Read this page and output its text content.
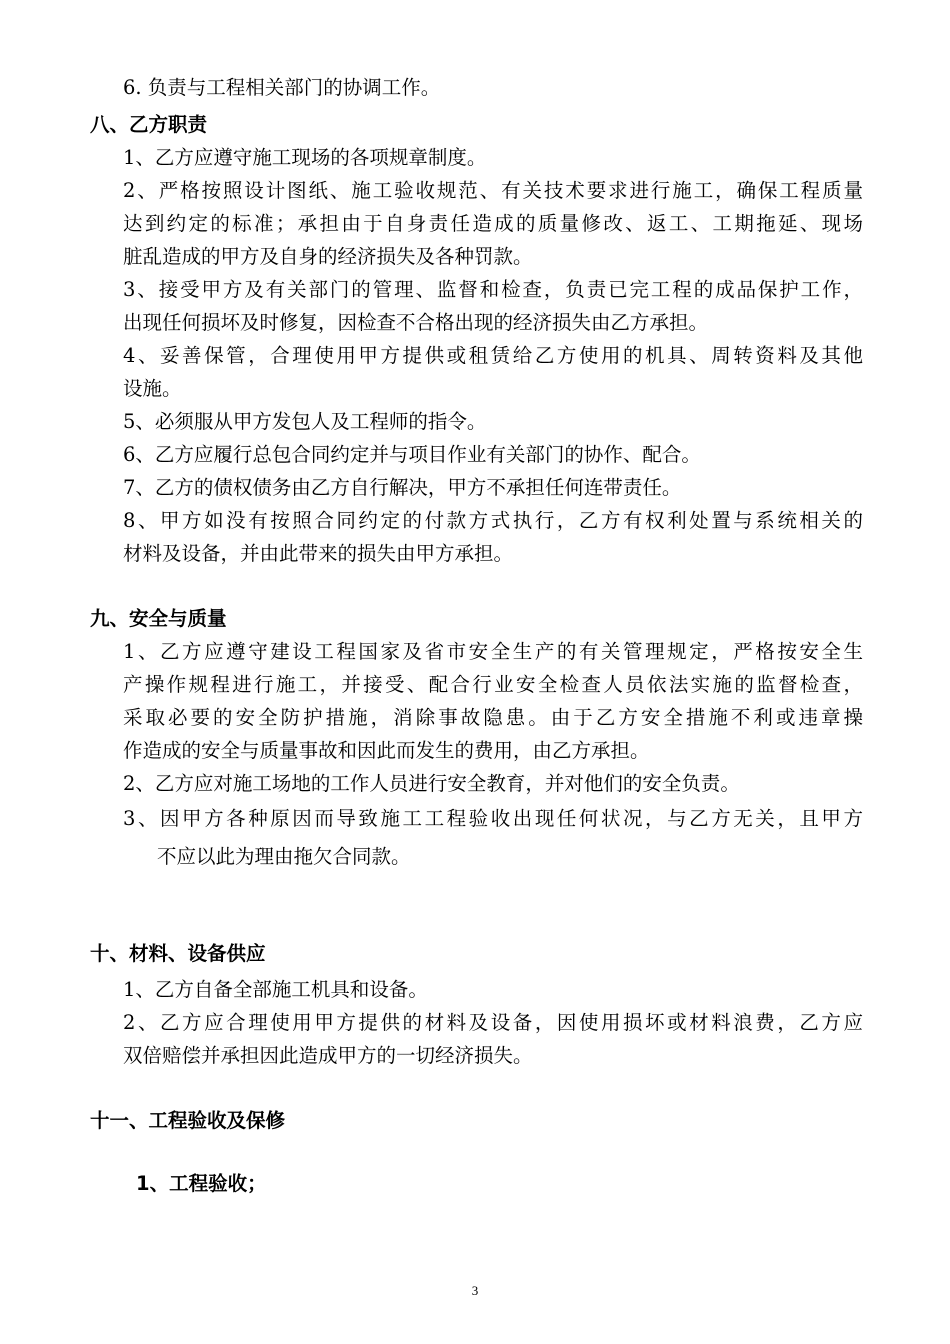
6. 负责与工程相关部门的协调工作。
八、乙方职责
1、乙方应遵守施工现场的各项规章制度。
2、严格按照设计图纸、施工验收规范、有关技术要求进行施工，确保工程质量
达到约定的标准；承担由于自身责任造成的质量修改、返工、工期拖延、现场
脏乱造成的甲方及自身的经济损失及各种罚款。
3、接受甲方及有关部门的管理、监督和检查，负责已完工程的成品保护工作，
出现任何损坏及时修复，因检查不合格出现的经济损失由乙方承担。
4、妥善保管，合理使用甲方提供或租赁给乙方使用的机具、周转资料及其他
设施。
5、必须服从甲方发包人及工程师的指令。
6、乙方应履行总包合同约定并与项目作业有关部门的协作、配合。
7、乙方的债权债务由乙方自行解决，甲方不承担任何连带责任。
8、甲方如没有按照合同约定的付款方式执行，乙方有权利处置与系统相关的
材料及设备，并由此带来的损失由甲方承担。
九、安全与质量
1、乙方应遵守建设工程国家及省市安全生产的有关管理规定，严格按安全生
产操作规程进行施工，并接受、配合行业安全检查人员依法实施的监督检查，
采取必要的安全防护措施，消除事故隐患。由于乙方安全措施不利或违章操
作造成的安全与质量事故和因此而发生的费用，由乙方承担。
2、乙方应对施工场地的工作人员进行安全教育，并对他们的安全负责。
3、因甲方各种原因而导致施工工程验收出现任何状况，与乙方无关，且甲方
不应以此为理由拖欠合同款。
十、材料、设备供应
1、乙方自备全部施工机具和设备。
2、乙方应合理使用甲方提供的材料及设备，因使用损坏或材料浪费，乙方应
双倍赔偿并承担因此造成甲方的一切经济损失。
十一、工程验收及保修
1、工程验收；
3
